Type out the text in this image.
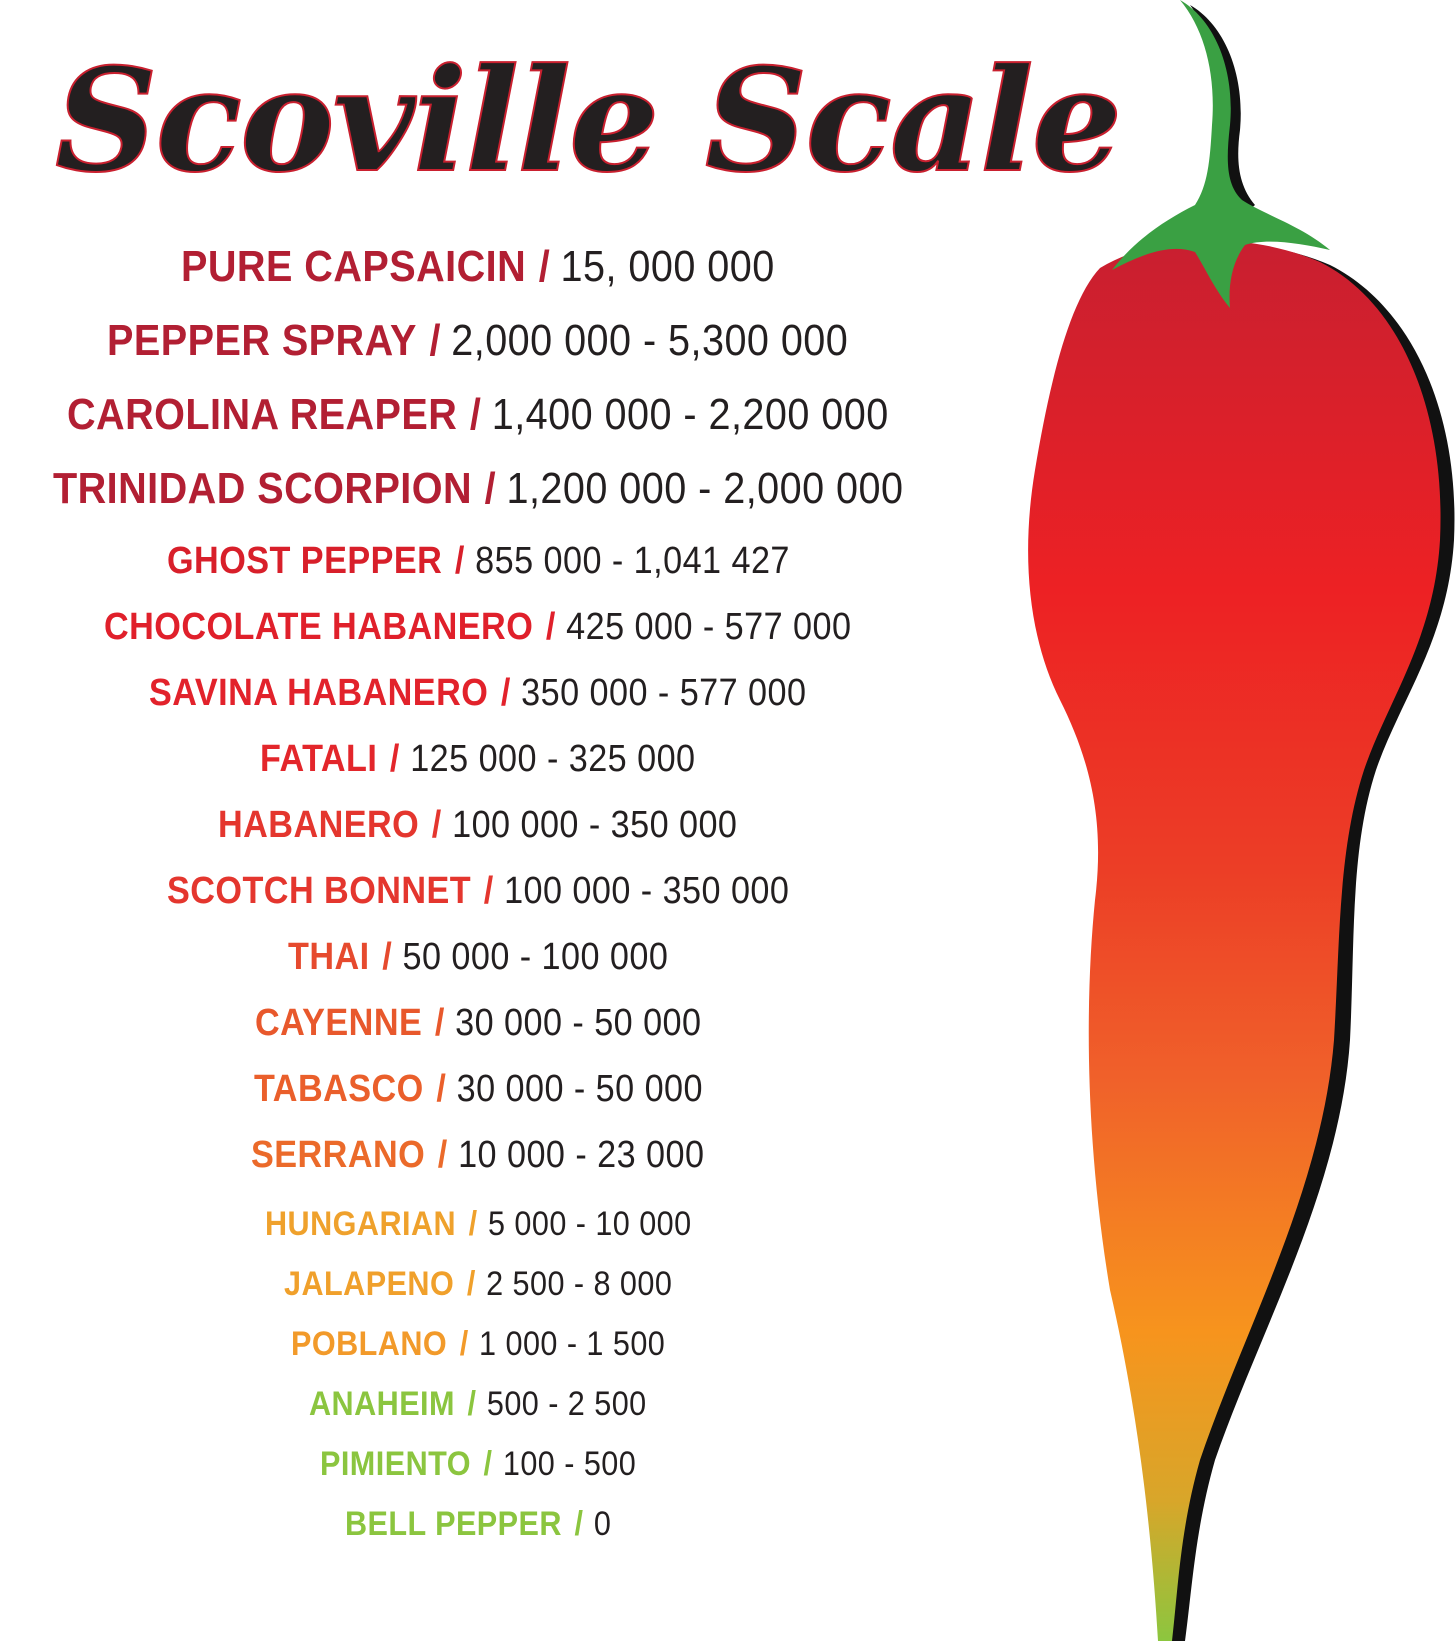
Scoville Scale
PURE CAPSAICIN / 15, 000 000
PEPPER SPRAY / 2,000 000 - 5,300 000
CAROLINA REAPER / 1,400 000 - 2,200 000
TRINIDAD SCORPION / 1,200 000 - 2,000 000
GHOST PEPPER / 855 000 - 1,041 427
CHOCOLATE HABANERO / 425 000 - 577 000
SAVINA HABANERO / 350 000 - 577 000
FATALI / 125 000 - 325 000
HABANERO / 100 000 - 350 000
SCOTCH BONNET / 100 000 - 350 000
THAI / 50 000 - 100 000
CAYENNE / 30 000 - 50 000
TABASCO / 30 000 - 50 000
SERRANO / 10 000 - 23 000
HUNGARIAN / 5 000 - 10 000
JALAPENO / 2 500 - 8 000
POBLANO / 1 000 - 1 500
ANAHEIM / 500 - 2 500
PIMIENTO / 100 - 500
BELL PEPPER / 0
